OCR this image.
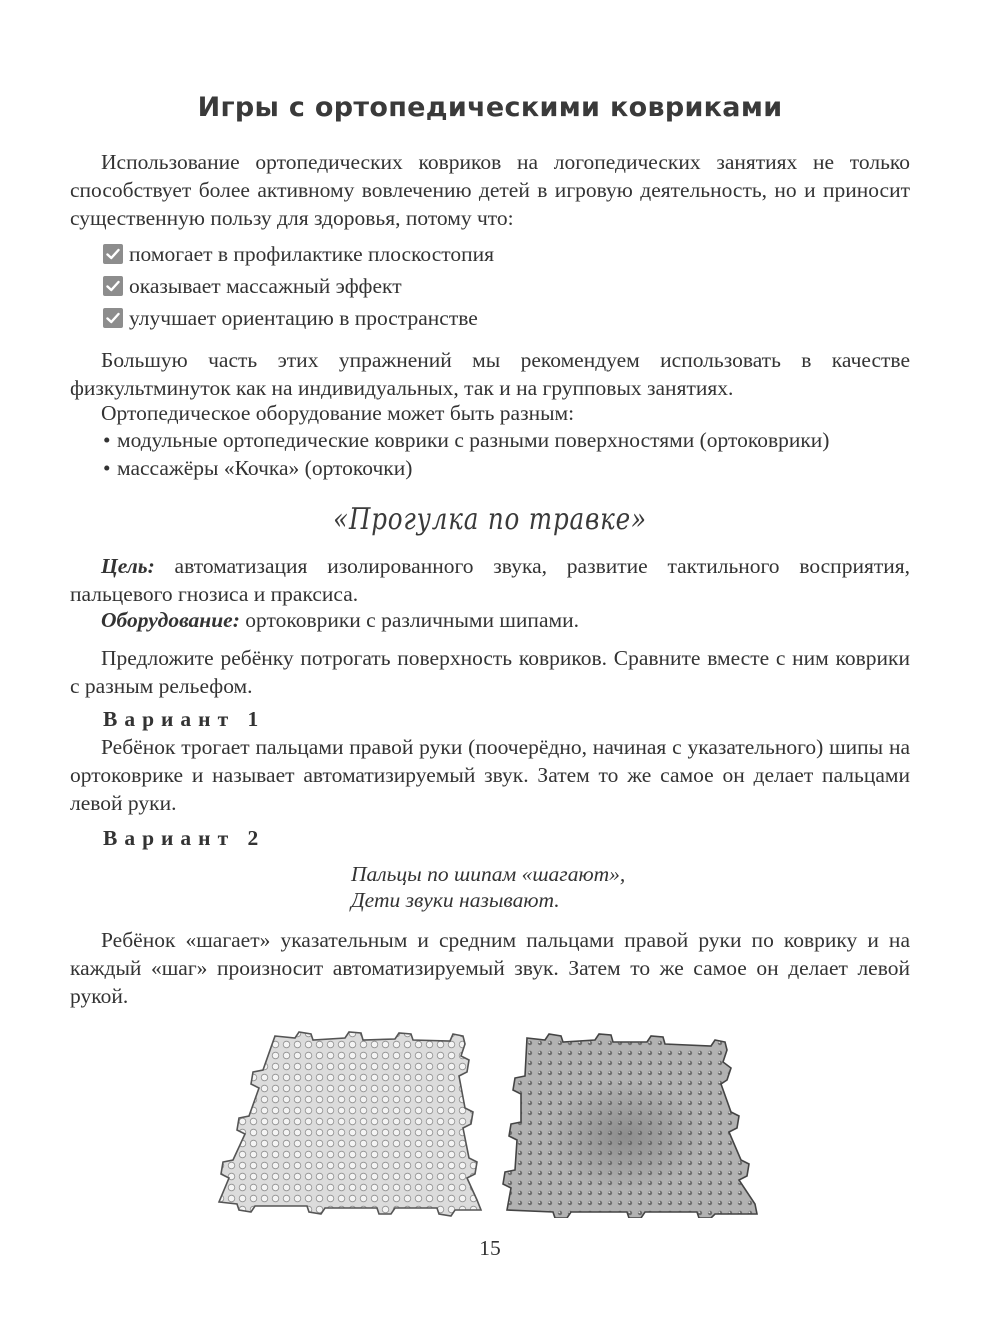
Игры с ортопедическими ковриками
Использование ортопедических ковриков на логопедических занятиях не только способствует более активному вовлечению детей в игровую деятельность, но и приносит существенную пользу для здоровья, потому что:
помогает в профилактике плоскостопия
оказывает массажный эффект
улучшает ориентацию в пространстве
Большую часть этих упражнений мы рекомендуем использовать в качестве физкультминуток как на индивидуальных, так и на групповых занятиях.
Ортопедическое оборудование может быть разным:
• модульные ортопедические коврики с разными поверхностями (ортоковрики)
• массажёры «Кочка» (ортокочки)
«Прогулка по травке»
Цель: автоматизация изолированного звука, развитие тактильного восприятия, пальцевого гнозиса и праксиса.
Оборудование: ортоковрики с различными шипами.
Предложите ребёнку потрогать поверхность ковриков. Сравните вместе с ним коврики с разным рельефом.
Вариант 1
Ребёнок трогает пальцами правой руки (поочерёдно, начиная с указательного) шипы на ортоковрике и называет автоматизируемый звук. Затем то же самое он делает пальцами левой руки.
Вариант 2
Пальцы по шипам «шагают»,
Дети звуки называют.
Ребёнок «шагает» указательным и средним пальцами правой руки по коврику и на каждый «шаг» произносит автоматизируемый звук. Затем то же самое он делает левой рукой.
15
